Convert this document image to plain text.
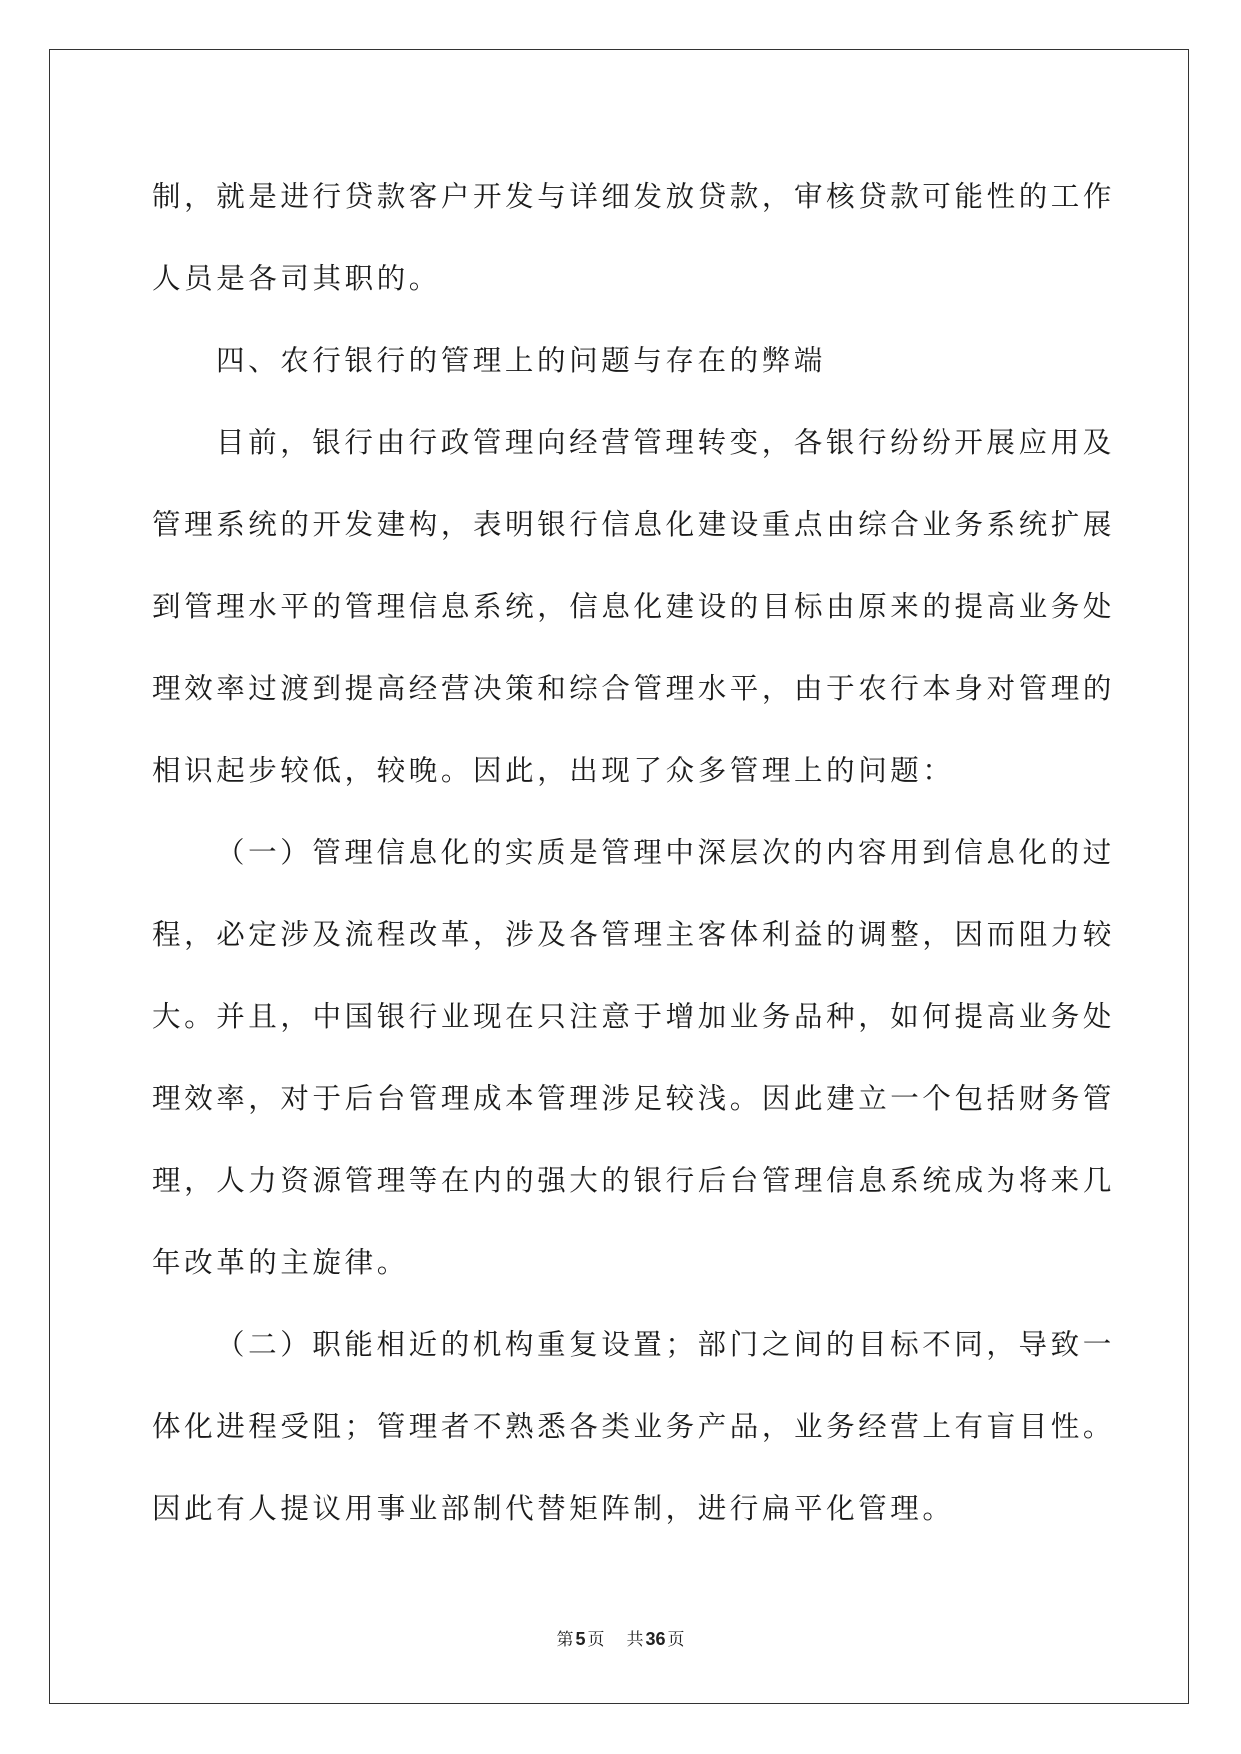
制，就是进行贷款客户开发与详细发放贷款，审核贷款可能性的工作
人员是各司其职的。
四、农行银行的管理上的问题与存在的弊端
目前，银行由行政管理向经营管理转变，各银行纷纷开展应用及
管理系统的开发建构，表明银行信息化建设重点由综合业务系统扩展
到管理水平的管理信息系统，信息化建设的目标由原来的提高业务处
理效率过渡到提高经营决策和综合管理水平，由于农行本身对管理的
相识起步较低，较晚。因此，出现了众多管理上的问题：
（一）管理信息化的实质是管理中深层次的内容用到信息化的过
程，必定涉及流程改革，涉及各管理主客体利益的调整，因而阻力较
大。并且，中国银行业现在只注意于增加业务品种，如何提高业务处
理效率，对于后台管理成本管理涉足较浅。因此建立一个包括财务管
理，人力资源管理等在内的强大的银行后台管理信息系统成为将来几
年改革的主旋律。
（二）职能相近的机构重复设置；部门之间的目标不同，导致一
体化进程受阻；管理者不熟悉各类业务产品，业务经营上有盲目性。
因此有人提议用事业部制代替矩阵制，进行扁平化管理。
第 5 页 共 36 页
